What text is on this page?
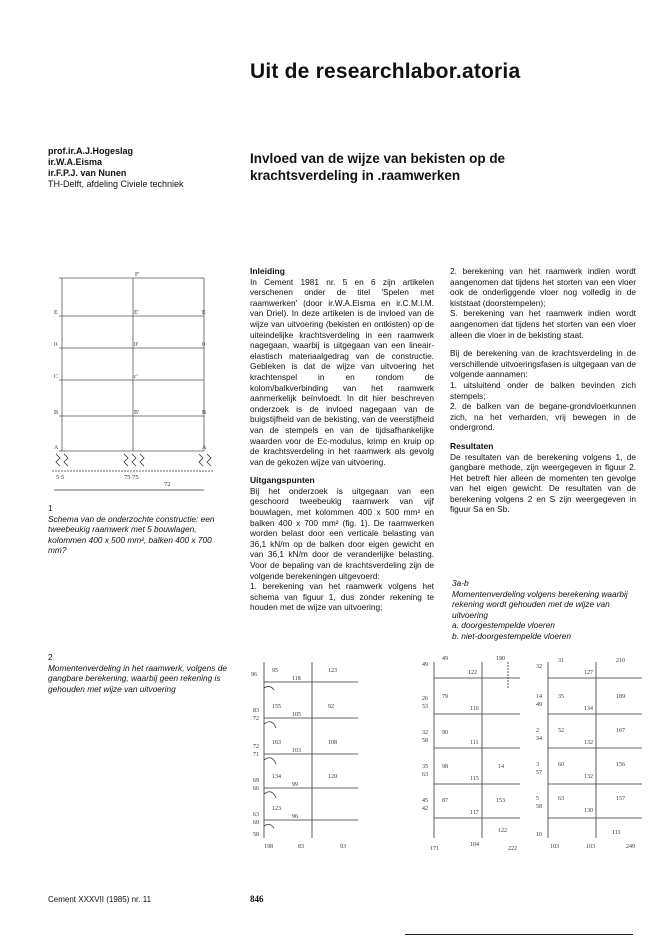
Uit de researchlabor.atoria
prof.ir.A.J.Hogeslag
ir.W.A.Eisma
ir.F.P.J. van Nunen
TH-Delft, afdeling Civiele techniek
Invloed van de wijze van bekisten op de
krachtsverdeling in .raamwerken
Inleiding

In Cement 1981 nr. 5 en 6 zijn artikelen verschenen onder de titel 'Spelen met raamwerken' (door ir.W.A.Eisma en ir.C.M.I.M. van Driel). In deze artikelen is de invloed van de wijze van uitvoering (bekisten en ontkisten) op de uiteindelijke krachtsverdeling in een raamwerk nagegaan, waarbij is uitgegaan van een lineair-elastisch materiaalgedrag van de constructie. Gebleken is dat de wijze van uitvoering het krachtenspel in en rondom de kolom/balkverbinding van het raamwerk aanmerkelijk beïnvloedt. In dit hier beschreven onderzoek is de invloed nagegaan van de buigstijfheid van de bekisting, van de veerstijfheid van de stempels en van de tijdsafhankelijke waarden voor de Ec-modulus, krimp en kruip op de krachtsverdeling in het raamwerk als gevolg van de gekozen wijze van uitvoering.

Uitgangspunten

Bij het onderzoek is uitgegaan van een geschoord tweebeukig raamwerk van vijf bouwlagen, met kolommen 400 x 500 mm² en balken 400 x 700 mm² (fig. 1). De raamwerken worden belast door een verticale belasting van 36,1 kN/m op de balken door eigen gewicht en van 36,1 kN/m door de veranderlijke belasting. Voor de bepaling van de krachtsverdeling zijn de volgende berekeningen uitgevoerd:

1. berekening van het raamwerk volgens het schema van figuur 1, dus zonder rekening te houden met de wijze van uitvoering;

2. berekening van het raamwerk indien wordt aangenomen dat tijdens het storten van een vloer ook de onderliggende vloer nog volledig in de kiststaat (doorstempelen);

S. berekening van het raamwerk indien wordt aangenomen dat tijdens het storten van een vloer alleen die vloer in de bekisting staat.

Bij de berekening van de krachtsverdeling in de verschillende uitvoeringsfasen is uitgegaan van de volgende aannamen:

1. uitsluitend onder de balken bevinden zich stempels;

2. de balken van de begane-grondvloerkunnen zich, na het verharden, vrij bewegen in de ondergrond.

Resultaten

De resultaten van de berekening volgens 1, de gangbare methode, zijn weergegeven in figuur 2. Het betreft hier alleen de momenten ten gevolge van het eigen gewicht. De resultaten van de berekening volgens 2 en S zijn weergegeven in figuur Sa en Sb.

F'
E	E'	E
0	0'	0
C	c'
B	B'	B
A	A
5 5	75 75
72
1
Schema van de onderzochte constructie: een tweebeukig raamwerk met 5 bouwlagen, kolommen 400 x 500 mm², balken 400 x 700 mm?
2
Momentenverdeling in het raamwerk, volgens de gangbare berekening, waarbij geen rekening is gehouden met wijze van uitvoering
3a-b
Momentenverdeling volgens berekening waarbij rekening wordt gehouden met de wijze van uitvoering
a. doorgestempelde vloeren
b. niet-doorgestempelde vloeren
96
83
72
72
71
69
66
63
60
58
95
155
163
134
123
118
105
103
99
96
123
92
108
120
198	83	93
49
26
53
32
58
35
63
45
42
49
79
90
98
87
190
14
153
122
116
111
115
117
122
104
171	222
32
14
49
2
34
3
57
5
58
10
31
35
52
60
63
210
189
167
156
157
111
127
134
132
132
130
103	103	249
Cement XXXVII (1985) nr. 11	846
